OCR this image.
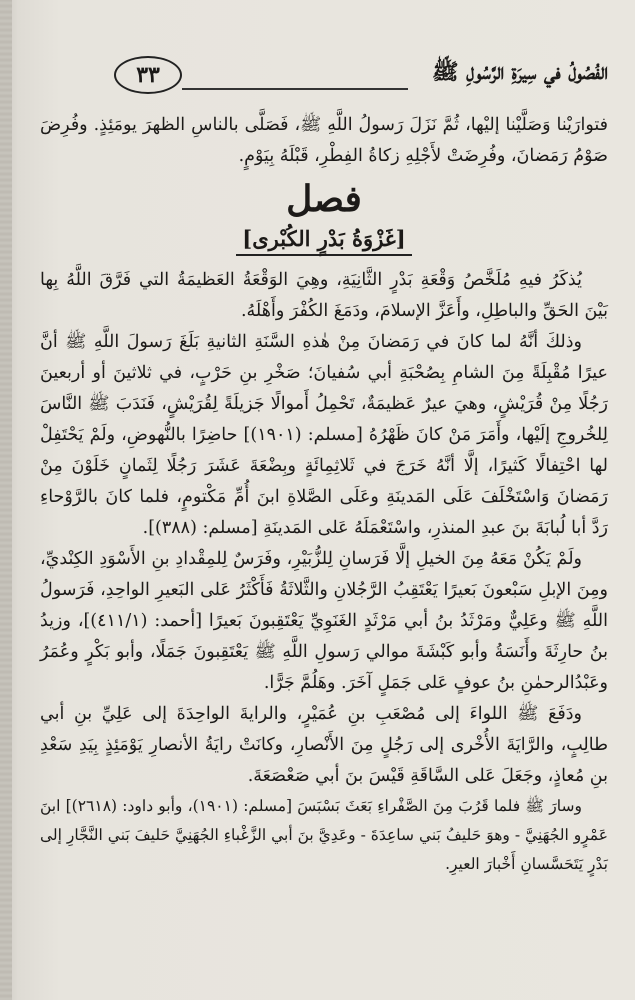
الفُصُولُ في سِيرَةِ الرَّسُولِ ﷺ
٣٣

فتوارَيْنا وَصَلَّيْنا إليْها، ثُمَّ نَزَلَ رَسولُ اللَّهِ ﷺ، فَصَلَّى بالناسِ الظهرَ يومَئِذٍ. وفُرِضَ صَوْمُ رَمَضانَ، وفُرِضَتْ لأَجْلِهِ زكاةُ الفِطْرِ، قَبْلَهُ بِيَوْمٍ.

فصل
[غَزْوَةُ بَدْرٍ الكُبْرى]

يُذكَرُ فيهِ مُلَخَّصُ وَقْعَةِ بَدْرٍ الثَّانِيَةِ، وهِيَ الوَقْعَةُ العَظيمَةُ التي فَرَّقَ اللَّهُ بِها بَيْنَ الحَقِّ والباطِلِ، وأَعَزَّ الإسلامَ، ودَمَغَ الكُفْرَ وأَهْلَهُ.

وذلكَ أنَّهُ لما كانَ في رَمَضانَ مِنْ هٰذهِ السَّنَةِ الثانيةِ بَلَغَ رَسولَ اللَّهِ ﷺ أنَّ عيرًا مُقْبِلَةً مِنَ الشامِ بِصُحْبَةِ أبي سُفيانَ؛ صَخْرِ بنِ حَرْبٍ، في ثلاثينَ أو أربعينَ رَجُلًا مِنْ قُرَيْشٍ، وهيَ عيرٌ عَظيمَةٌ، تَحْمِلُ أَموالًا جَزيلَةً لِقُرَيْشٍ، فَنَدَبَ ﷺ النَّاسَ لِلخُروجِ إلَيْها، وأَمَرَ مَنْ كانَ ظَهْرُهُ [مسلم: (١٩٠١)] حاضِرًا بالنُّهوضِ، ولَمْ يَحْتَفِلْ لها احْتِفالًا كَثيرًا، إلَّا أنَّهُ خَرَجَ في ثَلاثِمِائَةٍ وبِضْعَةَ عَشَرَ رَجُلًا لِثَمانٍ خَلَوْنَ مِنْ رَمَضانَ وَاسْتَخْلَفَ عَلَى المَدينَةِ وعَلَى الصَّلاةِ ابنَ أُمِّ مَكْتومٍ، فلما كانَ بالرَّوْحاءِ رَدَّ أبا لُبابَةَ بنَ عبدِ المنذرِ، واسْتَعْمَلَهُ عَلى المَدينَةِ [مسلم: (٣٨٨)].

ولَمْ يَكُنْ مَعَهُ مِنَ الخيلِ إلَّا فَرَسانِ لِلزُّبَيْرِ، وفَرَسٌ لِلمِقْدادِ بنِ الأَسْوَدِ الكِنْديِّ، ومِنَ الإبلِ سَبْعونَ بَعيرًا يَعْتَقِبُ الرَّجُلانِ والثَّلاثَةُ فَأَكْثَرُ عَلى البَعيرِ الواحِدِ، فَرَسولُ اللَّهِ ﷺ وعَلِيٌّ ومَرْثَدُ بنُ أبي مَرْثَدٍ الغَنَوِيِّ يَعْتَقِبونَ بَعيرًا [أحمد: (٤١١/١)]، وزيدُ بنُ حارِثَةَ وأَنَسَةُ وأبو كَبْشَةَ موالي رَسولِ اللَّهِ ﷺ يَعْتَقِبونَ جَمَلًا، وأبو بَكْرٍ وعُمَرُ وعَبْدُالرحمٰنِ بنُ عوفٍ عَلى جَمَلٍ آخَرَ. وهَلُمَّ جَرًّا.

ودَفَعَ ﷺ اللواءَ إلى مُصْعَبِ بنِ عُمَيْرٍ، والرايةَ الواحِدَةَ إلى عَلِيِّ بنِ أبي طالِبٍ، والرَّايَةَ الأُخْرى إلى رَجُلٍ مِنَ الأَنْصارِ، وكانَتْ رايَةُ الأنصارِ يَوْمَئِذٍ بِيَدِ سَعْدِ بنِ مُعاذٍ، وجَعَلَ عَلى السَّاقَةِ قَيْسَ بنَ أبي صَعْصَعَةَ.

وسارَ ﷺ فلما قَرُبَ مِنَ الصَّفْراءِ بَعَثَ بَسْبَسَ [مسلم: (١٩٠١)، وأبو داود: (٢٦١٨)] ابنَ عَمْرٍو الجُهَنِيَّ - وهوَ حَليفُ بَني ساعِدَةَ - وعَدِيَّ بنَ أبي الزَّغْباءِ الجُهَنِيَّ حَليفَ بَني النَّجَّارِ إلى بَدْرٍ يَتَحَسَّسانِ أَخْبارَ العيرِ.
